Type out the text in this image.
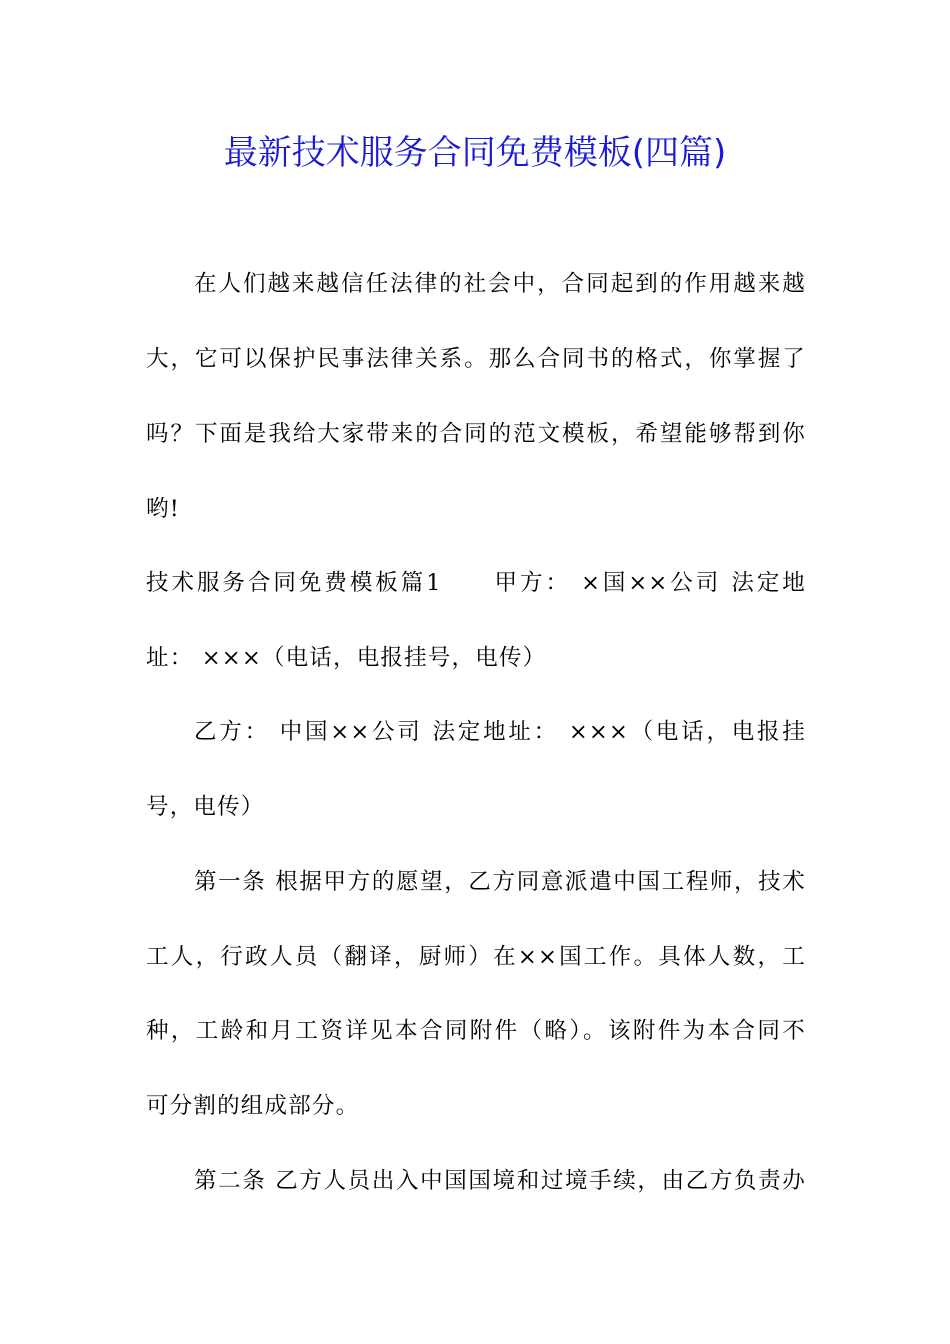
最新技术服务合同免费模板(四篇)
在人们越来越信任法律的社会中，合同起到的作用越来越
大，它可以保护民事法律关系。那么合同书的格式，你掌握了
吗？下面是我给大家带来的合同的范文模板，希望能够帮到你
哟!
技术服务合同免费模板篇1　　甲方： ×国××公司 法定地
址： ×××（电话，电报挂号，电传）
乙方： 中国××公司 法定地址： ×××（电话，电报挂
号，电传）
第一条 根据甲方的愿望，乙方同意派遣中国工程师，技术
工人，行政人员（翻译，厨师）在××国工作。具体人数，工
种，工龄和月工资详见本合同附件（略）。该附件为本合同不
可分割的组成部分。
第二条 乙方人员出入中国国境和过境手续，由乙方负责办
